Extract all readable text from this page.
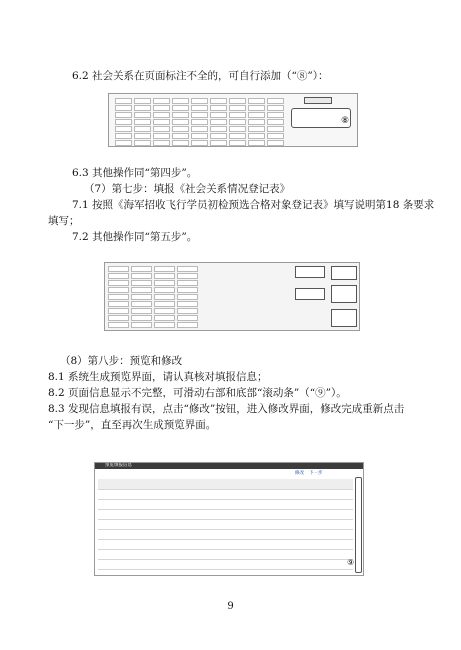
6.2 社会关系在页面标注不全的，可自行添加（“⑧”）：
⑧
6.3 其他操作同“第四步”。
（7）第七步：填报《社会关系情况登记表》
7.1 按照《海军招收飞行学员初检预选合格对象登记表》填写说明第18 条要求
填写；
7.2 其他操作同“第五步”。
（8）第八步：预览和修改
8.1 系统生成预览界面，请认真核对填报信息；
8.2 页面信息显示不完整，可滑动右部和底部“滚动条”（“⑨”）。
8.3 发现信息填报有误，点击“修改”按钮，进入修改界面，修改完成重新点击
“下一步”，直至再次生成预览界面。
预览填报信息
修改 下一步
⑨
9
